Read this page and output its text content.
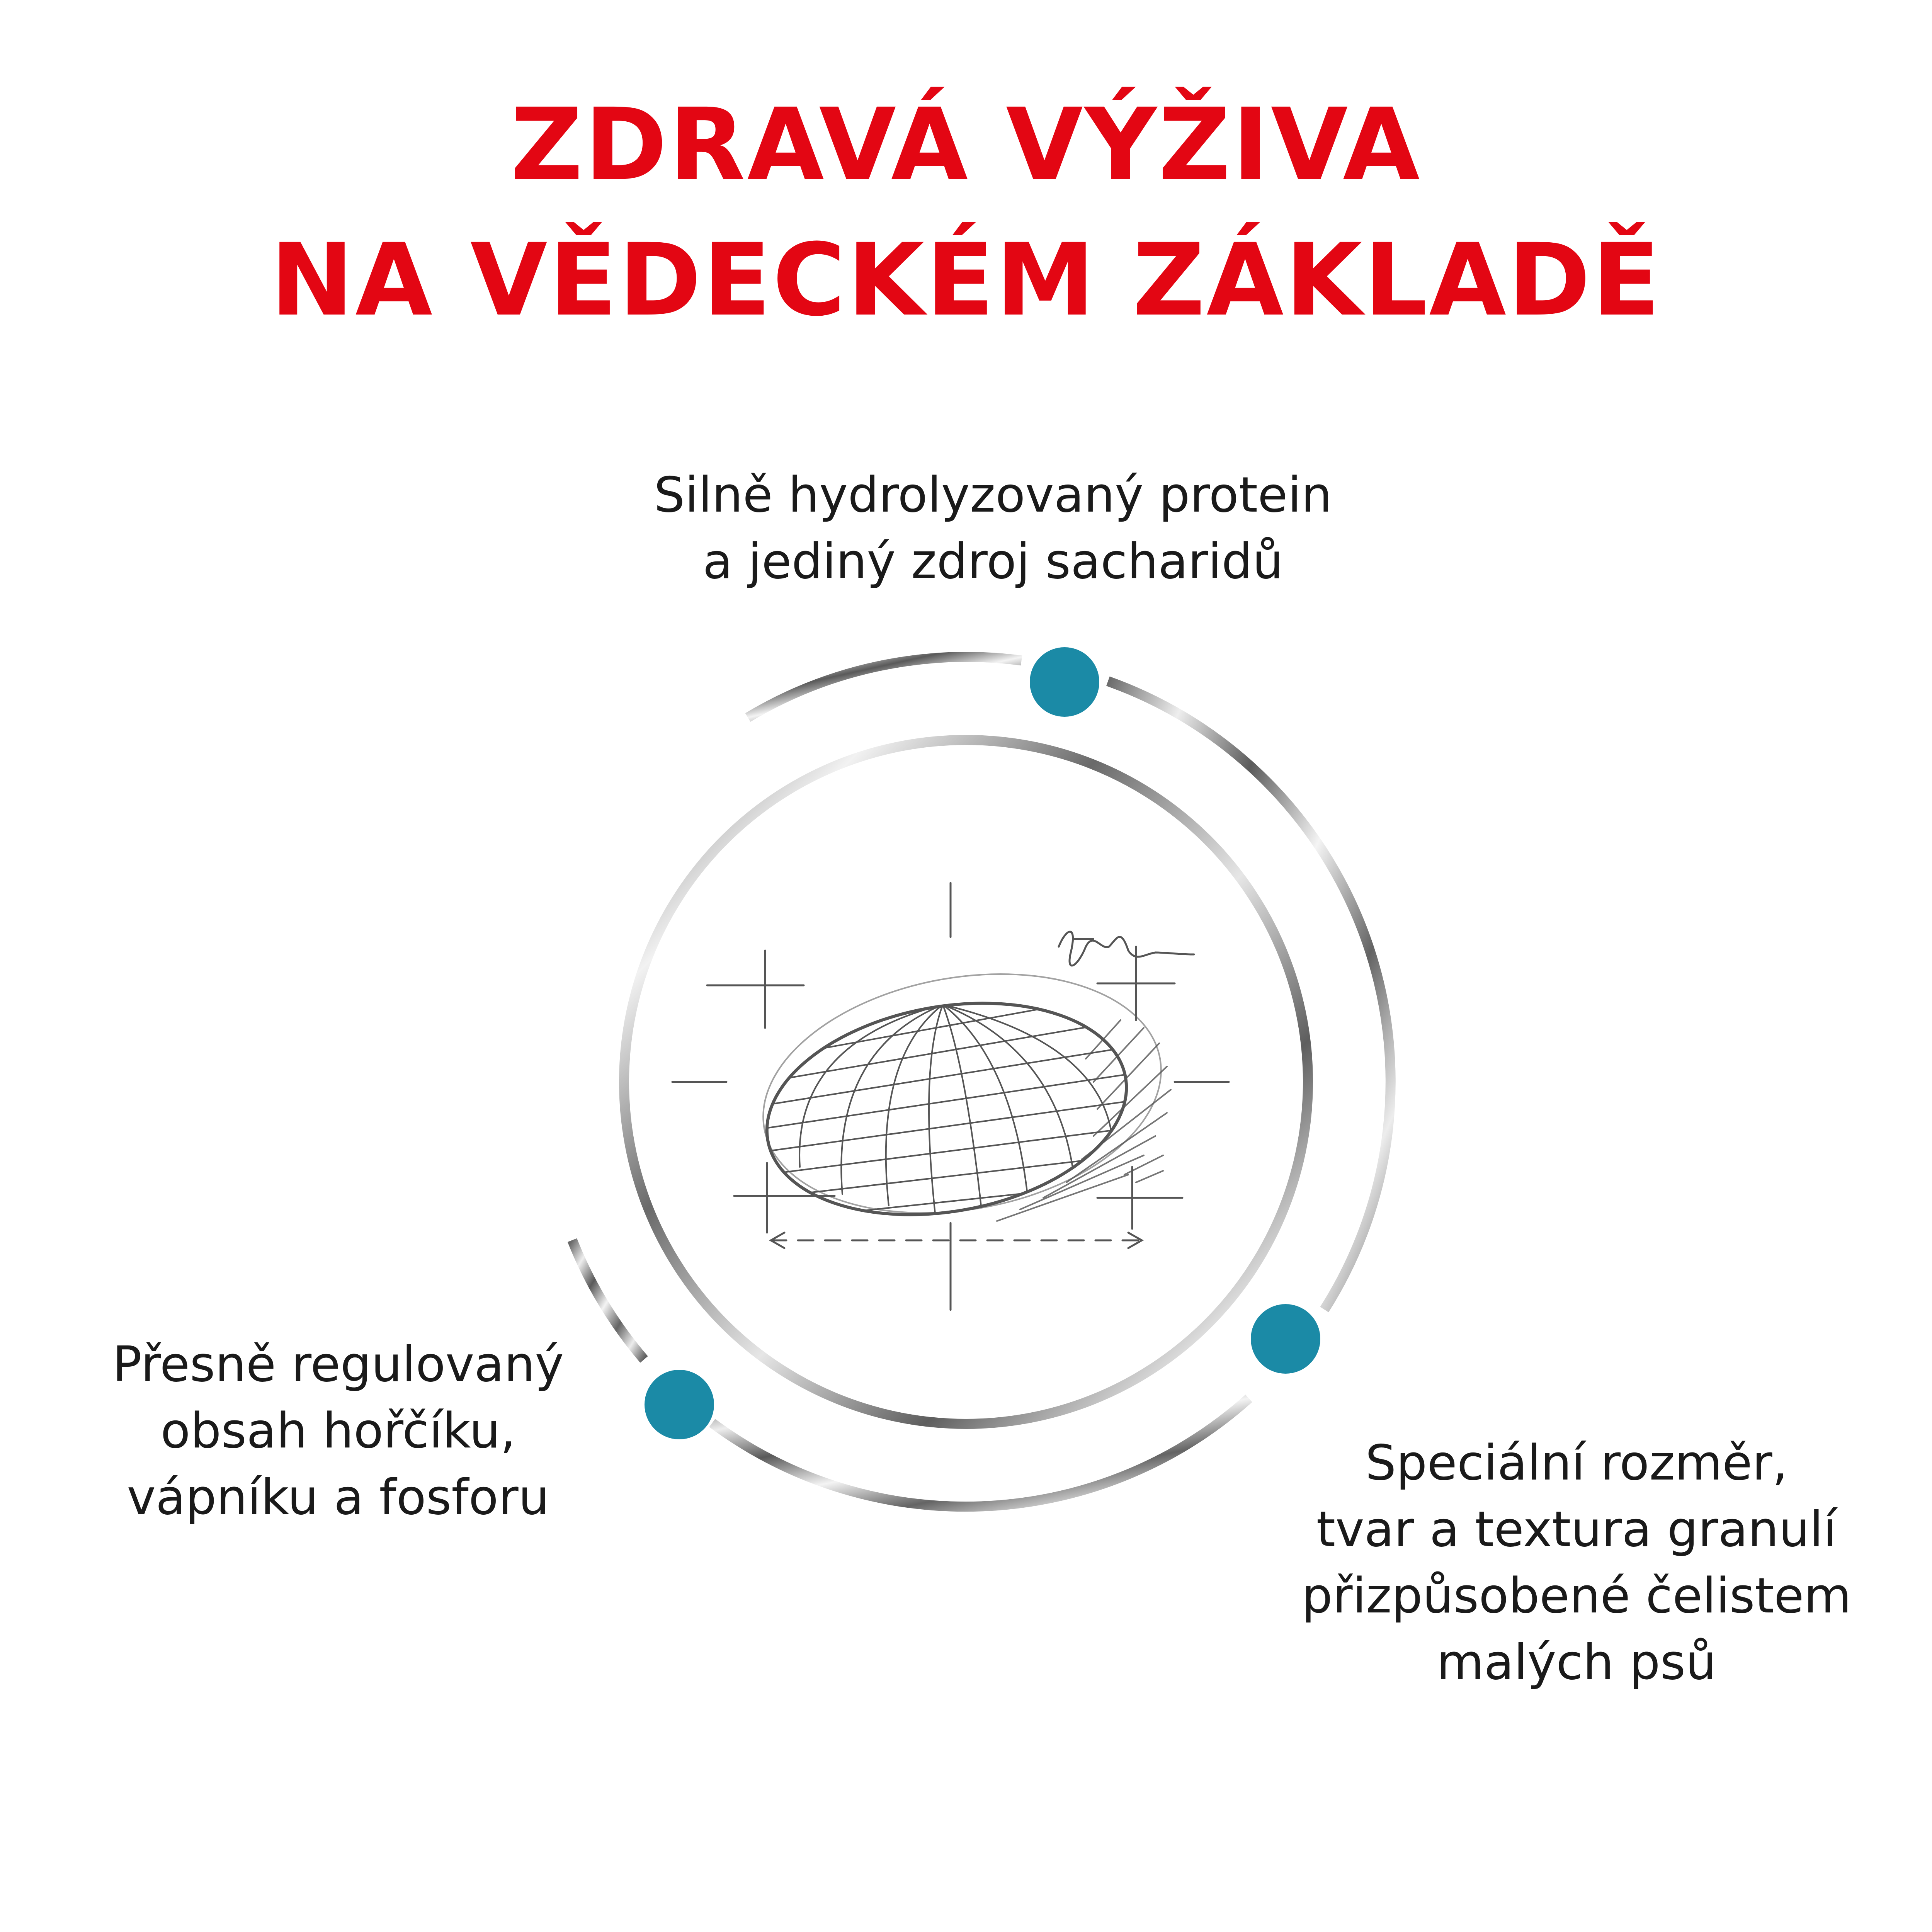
ZDRAVÁ VÝŽIVA
NA VĚDECKÉM ZÁKLADĚ
Silně hydrolyzovaný protein
a jediný zdroj sacharidů
Přesně regulovaný
obsah hořčíku,
vápníku a fosforu
Speciální rozměr,
tvar a textura granulí
přizpůsobené čelistem
malých psů
